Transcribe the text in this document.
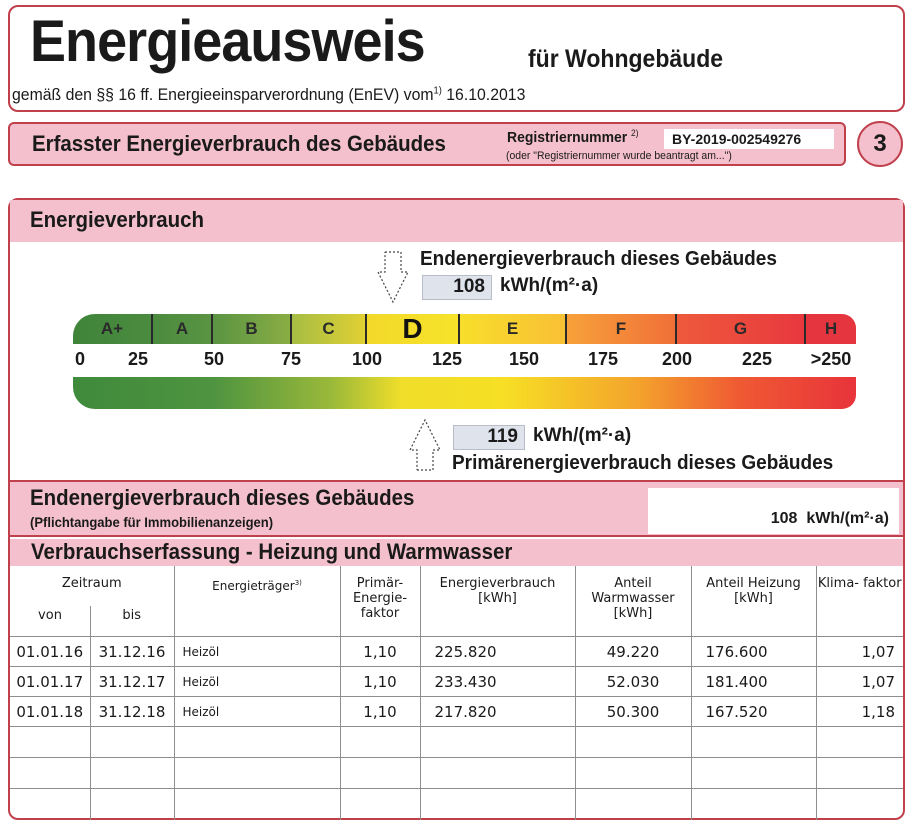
Energieausweis	für Wohngebäude
gemäß den §§ 16 ff. Energieeinsparverordnung (EnEV) vom$^{1)}$ 16.10.2013
Erfasster Energieverbrauch des Gebäudes	Registriernummer $^{2)}$	BY-2019-002549276
(oder "Registriernummer wurde beantragt am...")	3
Energieverbrauch
Endenergieverbrauch dieses Gebäudes
108 kWh/(m²·a)
A+	A	B	C	D	E	F	G	H
0 25	50	75	100	125	150	175 200	225 >250
119 kWh/(m²·a)
Primärenergieverbrauch dieses Gebäudes
Endenergieverbrauch dieses Gebäudes
(Pflichtangabe für Immobilienanzeigen)	108 kWh/(m²·a)
Verbrauchserfassung - Heizung und Warmwasser
Zeitraum
von bis		Energieträger$^{3)}$	Primär- Energie- faktor	Energieverbrauch [kWh]	Anteil Warmwasser [kWh]	Anteil Heizung [kWh]	Klima- faktor
01.01.16	31.12.16	Heizöl	1,10	225.820	49.220	176.600	1,07
01.01.17	31.12.17	Heizöl	1,10	233.430	52.030	181.400	1,07
01.01.18	31.12.18	Heizöl	1,10	217.820	50.300	167.520	1,18
